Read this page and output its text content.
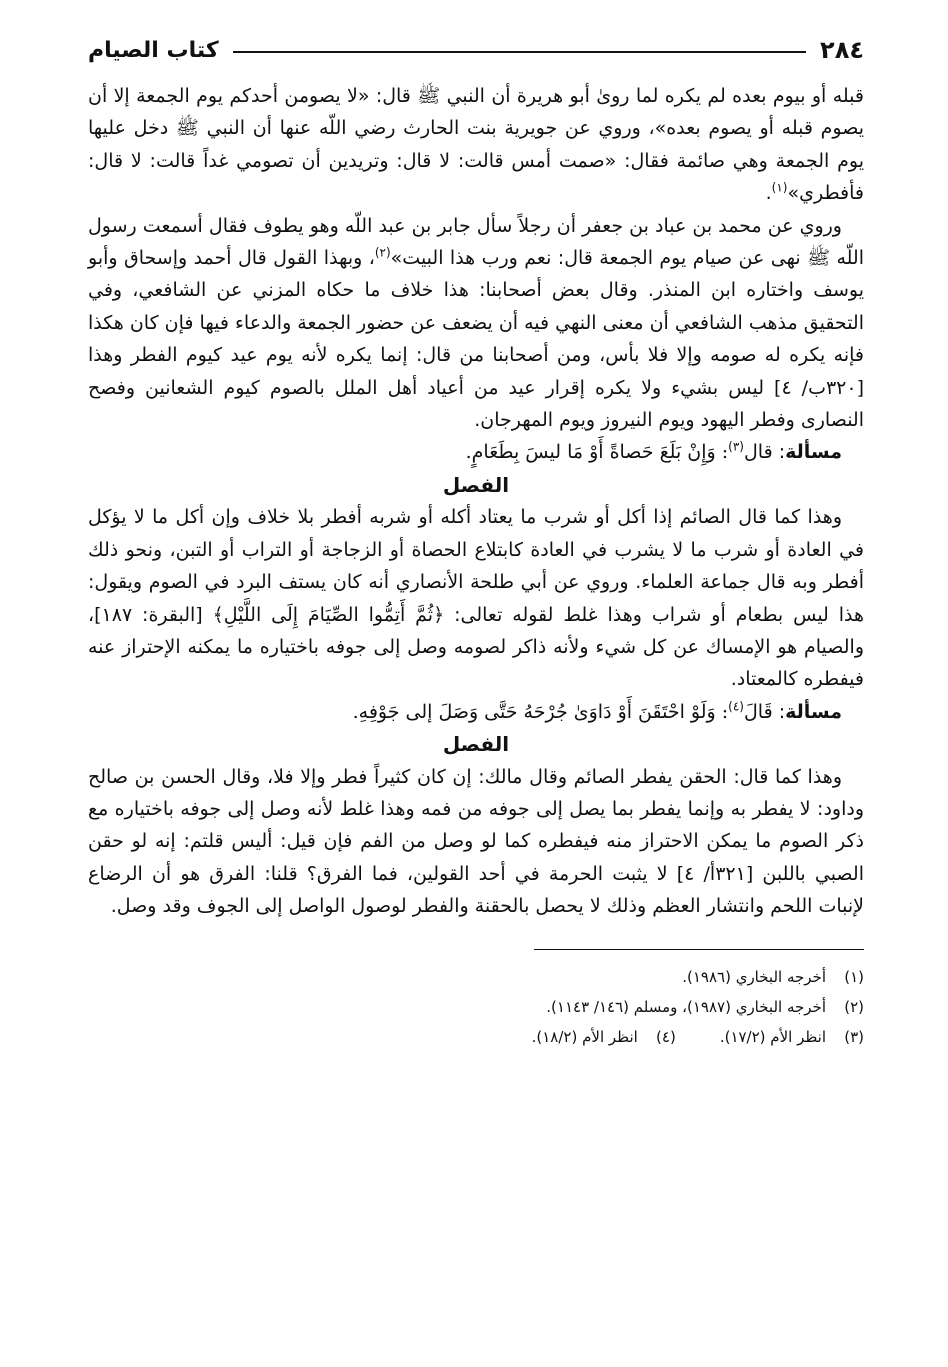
٢٨٤
كتاب الصيام

قبله أو بيوم بعده لم يكره لما روىٰ أبو هريرة أن النبي ﷺ قال: «لا يصومن أحدكم يوم الجمعة إلا أن يصوم قبله أو يصوم بعده»، وروي عن جويرية بنت الحارث رضي اللّه عنها أن النبي ﷺ دخل عليها يوم الجمعة وهي صائمة فقال: «صمت أمس قالت: لا قال: وتريدين أن تصومي غداً قالت: لا قال: فأفطري»$^{(١)}$.

وروي عن محمد بن عباد بن جعفر أن رجلاً سأل جابر بن عبد اللّه وهو يطوف فقال أسمعت رسول اللّه ﷺ نهى عن صيام يوم الجمعة قال: نعم ورب هذا البيت»$^{(٢)}$، وبهذا القول قال أحمد وإسحاق وأبو يوسف واختاره ابن المنذر. وقال بعض أصحابنا: هذا خلاف ما حكاه المزني عن الشافعي، وفي التحقيق مذهب الشافعي أن معنى النهي فيه أن يضعف عن حضور الجمعة والدعاء فيها فإن كان هكذا فإنه يكره له صومه وإلا فلا بأس، ومن أصحابنا من قال: إنما يكره لأنه يوم عيد كيوم الفطر وهذا [٣٢٠ب/ ٤] ليس بشيء ولا يكره إقرار عيد من أعياد أهل الملل بالصوم كيوم الشعانين وفصح النصارى وفطر اليهود ويوم النيروز ويوم المهرجان.

مسألة: قال$^{(٣)}$: وَإِنْ بَلَعَ حَصاةً أَوْ مَا ليسَ بِطَعَامٍ.

الفصل

وهذا كما قال الصائم إذا أكل أو شرب ما يعتاد أكله أو شربه أفطر بلا خلاف وإن أكل ما لا يؤكل في العادة أو شرب ما لا يشرب في العادة كابتلاع الحصاة أو الزجاجة أو التراب أو التبن، ونحو ذلك أفطر وبه قال جماعة العلماء. وروي عن أبي طلحة الأنصاري أنه كان يستف البرد في الصوم ويقول: هذا ليس بطعام أو شراب وهذا غلط لقوله تعالى: ﴿ثُمَّ أَتِمُّوا الصِّيَامَ إِلَى اللَّيْلِ﴾ [البقرة: ١٨٧]، والصيام هو الإمساك عن كل شيء ولأنه ذاكر لصومه وصل إلى جوفه باختياره ما يمكنه الإحتراز عنه فيفطره كالمعتاد.

مسألة: قَالَ$^{(٤)}$: وَلَوْ احْتَقَنَ أَوْ دَاوَىٰ جُرْحَهُ حَتَّى وَصَلَ إلى جَوْفِهِ.

الفصل

وهذا كما قال: الحقن يفطر الصائم وقال مالك: إن كان كثيراً فطر وإلا فلا، وقال الحسن بن صالح وداود: لا يفطر به وإنما يفطر بما يصل إلى جوفه من فمه وهذا غلط لأنه وصل إلى جوفه باختياره مع ذكر الصوم ما يمكن الاحتراز منه فيفطره كما لو وصل من الفم فإن قيل: أليس قلتم: إنه لو حقن الصبي باللبن [٣٢١أ/ ٤] لا يثبت الحرمة في أحد القولين، فما الفرق؟ قلنا: الفرق هو أن الرضاع لإنبات اللحم وانتشار العظم وذلك لا يحصل بالحقنة والفطر لوصول الواصل إلى الجوف وقد وصل.

(١)
أخرجه البخاري (١٩٨٦).
(٢)
أخرجه البخاري (١٩٨٧)، ومسلم (١٤٦/ ١١٤٣).
(٣)
انظر الأم (١٧/٢).
(٤)
انظر الأم (١٨/٢).
